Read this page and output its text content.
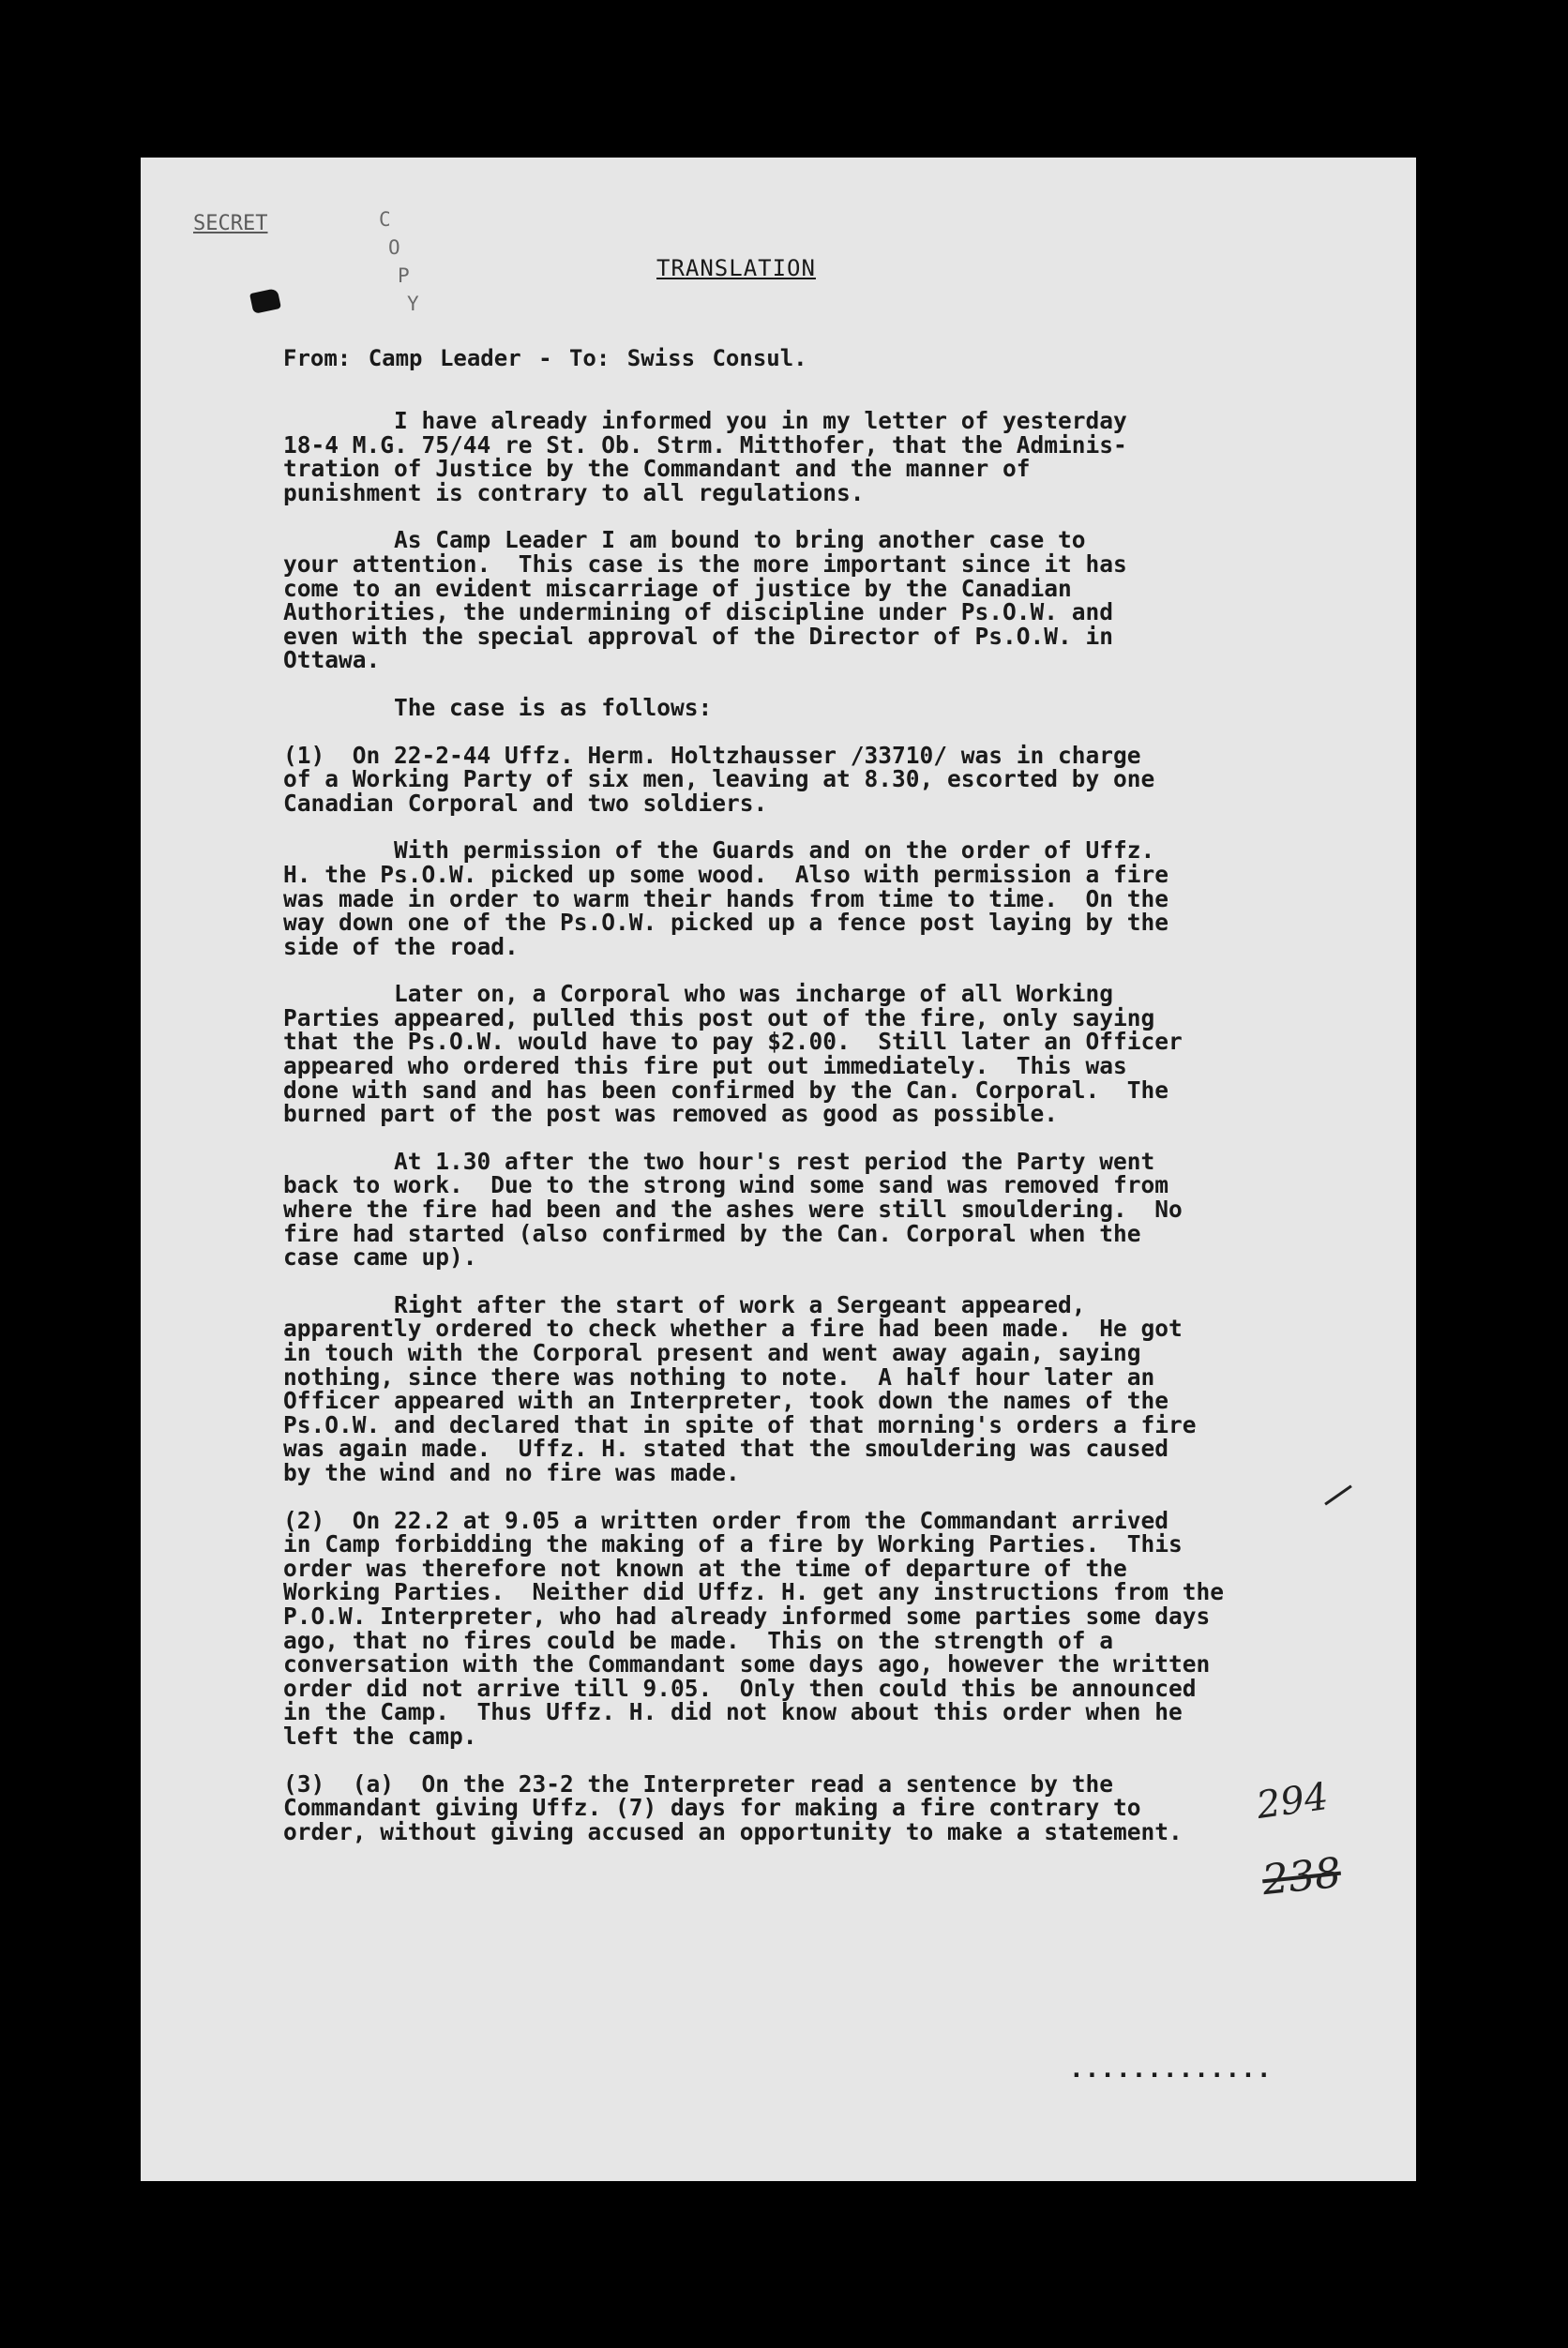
SECRET	C
O
P
Y
TRANSLATION
From: Camp Leader - To: Swiss Consul.
I have already informed you in my letter of yesterday
18-4 M.G. 75/44 re St. Ob. Strm. Mitthofer, that the Adminis-
tration of Justice by the Commandant and the manner of
punishment is contrary to all regulations.
As Camp Leader I am bound to bring another case to
your attention.  This case is the more important since it has
come to an evident miscarriage of justice by the Canadian
Authorities, the undermining of discipline under Ps.O.W. and
even with the special approval of the Director of Ps.O.W. in
Ottawa.
The case is as follows:
(1)  On 22-2-44 Uffz. Herm. Holtzhausser /33710/ was in charge
of a Working Party of six men, leaving at 8.30, escorted by one
Canadian Corporal and two soldiers.
With permission of the Guards and on the order of Uffz.
H. the Ps.O.W. picked up some wood.  Also with permission a fire
was made in order to warm their hands from time to time.  On the
way down one of the Ps.O.W. picked up a fence post laying by the
side of the road.
Later on, a Corporal who was incharge of all Working
Parties appeared, pulled this post out of the fire, only saying
that the Ps.O.W. would have to pay $2.00.  Still later an Officer
appeared who ordered this fire put out immediately.  This was
done with sand and has been confirmed by the Can. Corporal.  The
burned part of the post was removed as good as possible.
At 1.30 after the two hour's rest period the Party went
back to work.  Due to the strong wind some sand was removed from
where the fire had been and the ashes were still smouldering.  No
fire had started (also confirmed by the Can. Corporal when the
case came up).
Right after the start of work a Sergeant appeared,
apparently ordered to check whether a fire had been made.  He got
in touch with the Corporal present and went away again, saying
nothing, since there was nothing to note.  A half hour later an
Officer appeared with an Interpreter, took down the names of the
Ps.O.W. and declared that in spite of that morning's orders a fire
was again made.  Uffz. H. stated that the smouldering was caused
by the wind and no fire was made.
(2)  On 22.2 at 9.05 a written order from the Commandant arrived
in Camp forbidding the making of a fire by Working Parties.  This
order was therefore not known at the time of departure of the
Working Parties.  Neither did Uffz. H. get any instructions from the
P.O.W. Interpreter, who had already informed some parties some days
ago, that no fires could be made.  This on the strength of a
conversation with the Commandant some days ago, however the written
order did not arrive till 9.05.  Only then could this be announced
in the Camp.  Thus Uffz. H. did not know about this order when he
left the camp.
(3)  (a)  On the 23-2 the Interpreter read a sentence by the
Commandant giving Uffz. (7) days for making a fire contrary to
order, without giving accused an opportunity to make a statement.
294
238
.............
